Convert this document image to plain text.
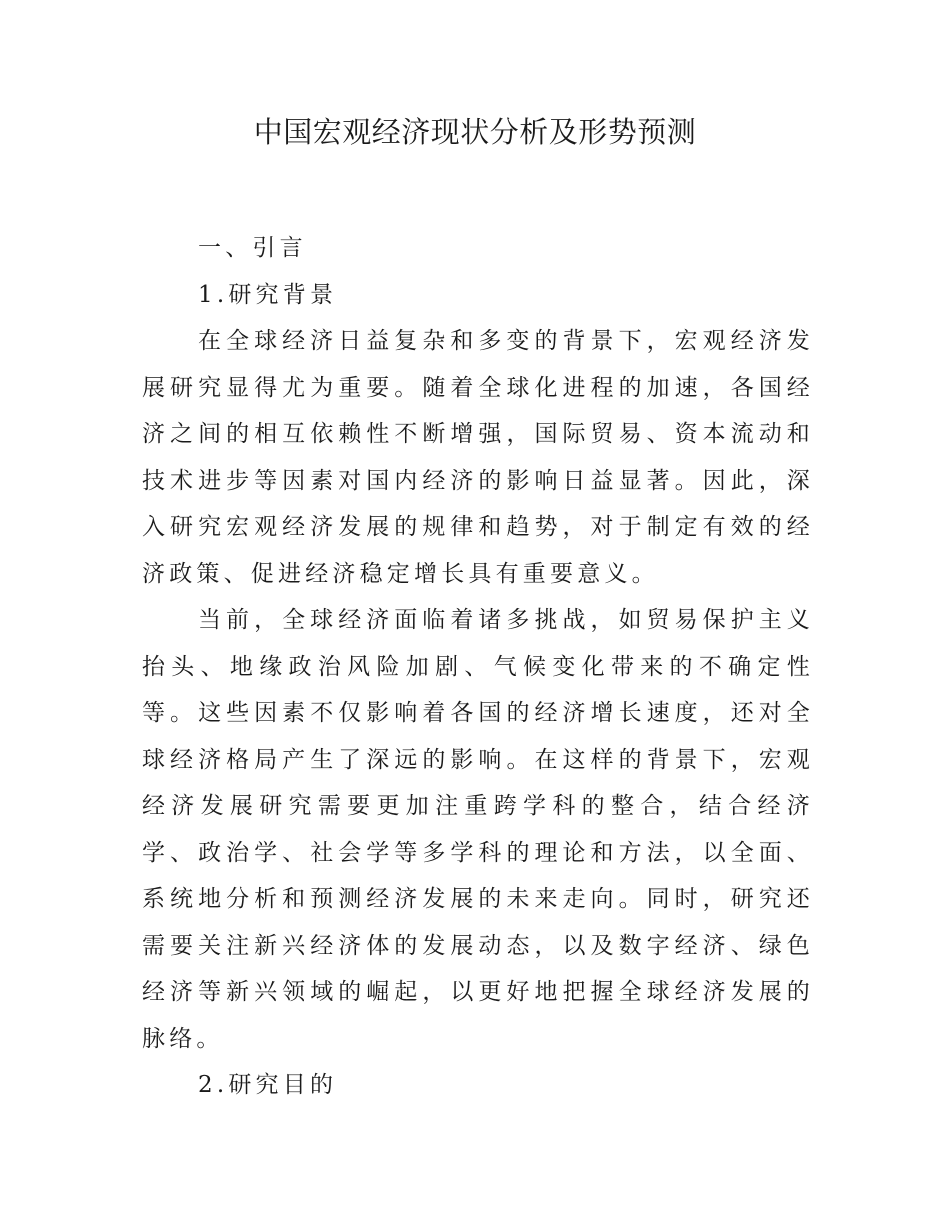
中国宏观经济现状分析及形势预测
一、引言
1.研究背景

在全球经济日益复杂和多变的背景下，宏观经济发展研究显得尤为重要。随着全球化进程的加速，各国经济之间的相互依赖性不断增强，国际贸易、资本流动和技术进步等因素对国内经济的影响日益显著。因此，深入研究宏观经济发展的规律和趋势，对于制定有效的经济政策、促进经济稳定增长具有重要意义。

当前，全球经济面临着诸多挑战，如贸易保护主义抬头、地缘政治风险加剧、气候变化带来的不确定性等。这些因素不仅影响着各国的经济增长速度，还对全球经济格局产生了深远的影响。在这样的背景下，宏观经济发展研究需要更加注重跨学科的整合，结合经济学、政治学、社会学等多学科的理论和方法，以全面、系统地分析和预测经济发展的未来走向。同时，研究还需要关注新兴经济体的发展动态，以及数字经济、绿色经济等新兴领域的崛起，以更好地把握全球经济发展的脉络。

2.研究目的
